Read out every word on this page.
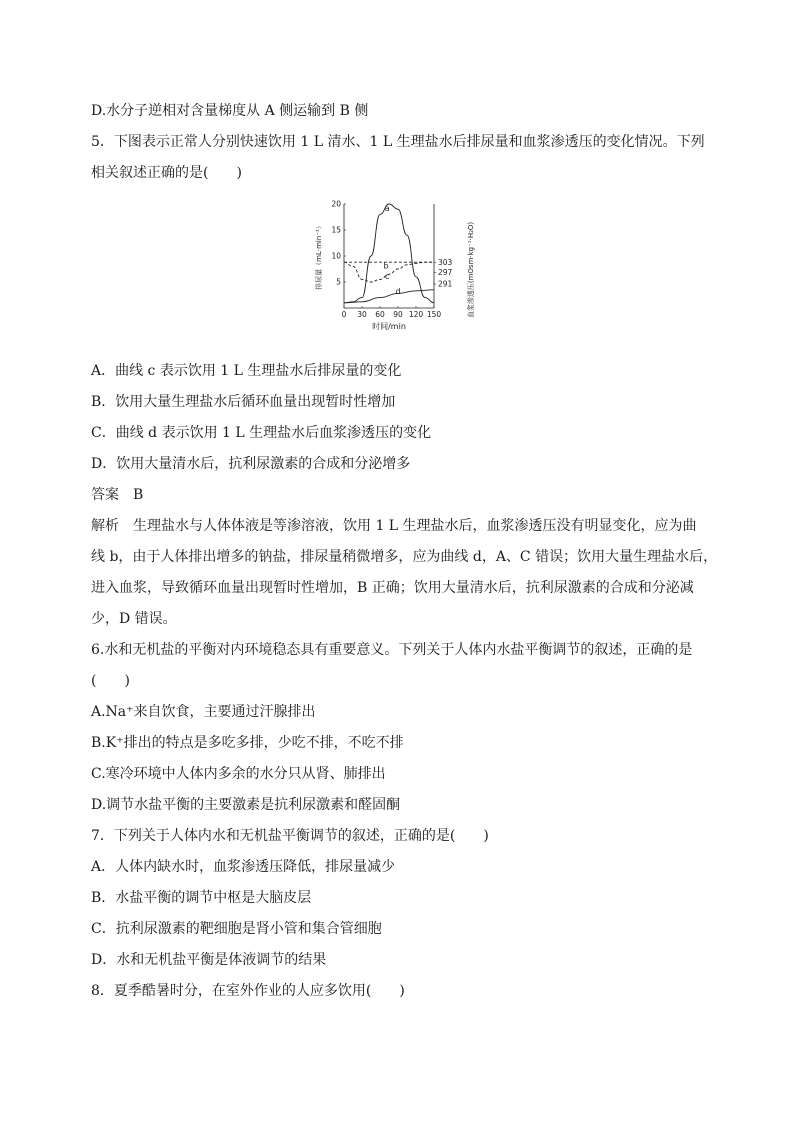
D.水分子逆相对含量梯度从 A 侧运输到 B 侧
5．下图表示正常人分别快速饮用 1 L 清水、1 L 生理盐水后排尿量和血浆渗透压的变化情况。下列
相关叙述正确的是(　　)
0 30 60 90 120 150
5
10
15
20
303
297
291
a
b
c
d
时间/min
排尿量（mL·min⁻¹）	血浆渗透压(mOsm·kg⁻¹·H₂O)
A．曲线 c 表示饮用 1 L 生理盐水后排尿量的变化
B．饮用大量生理盐水后循环血量出现暂时性增加
C．曲线 d 表示饮用 1 L 生理盐水后血浆渗透压的变化
D．饮用大量清水后，抗利尿激素的合成和分泌增多
答案　B
解析　生理盐水与人体体液是等渗溶液，饮用 1 L 生理盐水后，血浆渗透压没有明显变化，应为曲
线 b，由于人体排出增多的钠盐，排尿量稍微增多，应为曲线 d，A、C 错误；饮用大量生理盐水后，
进入血浆，导致循环血量出现暂时性增加，B 正确；饮用大量清水后，抗利尿激素的合成和分泌减
少，D 错误。
6.水和无机盐的平衡对内环境稳态具有重要意义。下列关于人体内水盐平衡调节的叙述，正确的是
(　　)
A.Na⁺来自饮食，主要通过汗腺排出
B.K⁺排出的特点是多吃多排，少吃不排，不吃不排
C.寒冷环境中人体内多余的水分只从肾、肺排出
D.调节水盐平衡的主要激素是抗利尿激素和醛固酮
7．下列关于人体内水和无机盐平衡调节的叙述，正确的是(　　)
A．人体内缺水时，血浆渗透压降低，排尿量减少
B．水盐平衡的调节中枢是大脑皮层
C．抗利尿激素的靶细胞是肾小管和集合管细胞
D．水和无机盐平衡是体液调节的结果
8．夏季酷暑时分，在室外作业的人应多饮用(　　)
